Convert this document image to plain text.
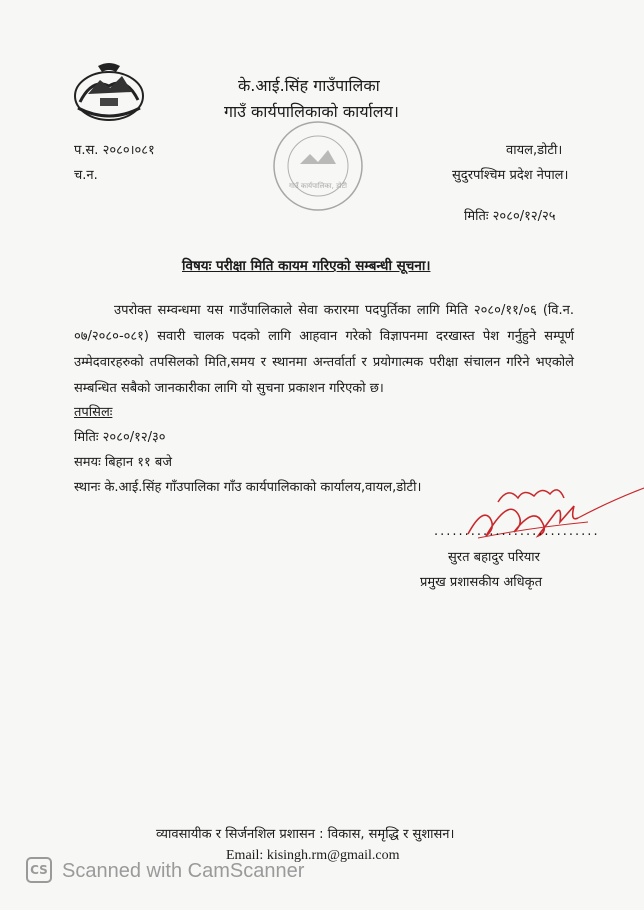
के.आई.सिंह गाउँपालिका
गाउँ कार्यपालिकाको कार्यालय।
प.स. २०८०।०८१
च.न.
वायल,डोटी।
सुदुरपश्चिम प्रदेश नेपाल।
गाउँ कार्यपालिका, डोटी
मितिः २०८०/१२/२५
विषयः परीक्षा मिति कायम गरिएको सम्बन्धी सूचना।
उपरोक्त सम्वन्धमा यस गाउँपालिकाले सेवा करारमा पदपुर्तिका लागि मिति २०८०/११/०६ (वि.न. ०७/२०८०-०८१) सवारी चालक पदको लागि आहवान गरेको विज्ञापनमा दरखास्त पेश गर्नुहुने सम्पूर्ण उम्मेदवारहरुको तपसिलको मिति,समय र स्थानमा अन्तर्वार्ता र प्रयोगात्मक परीक्षा संचालन गरिने भएकोले सम्बन्धित सबैको जानकारीका लागि यो सुचना प्रकाशन गरिएको छ।
तपसिलः
मितिः २०८०/१२/३०
समयः बिहान ११ बजे
स्थानः के.आई.सिंह गाँउपालिका गाँउ कार्यपालिकाको कार्यालय,वायल,डोटी।
...........................
सुरत बहादुर परियार
प्रमुख प्रशासकीय अधिकृत
व्यावसायीक र सिर्जनशिल प्रशासन : विकास, समृद्धि र सुशासन।
Email: kisingh.rm@gmail.com
CS Scanned with CamScanner
